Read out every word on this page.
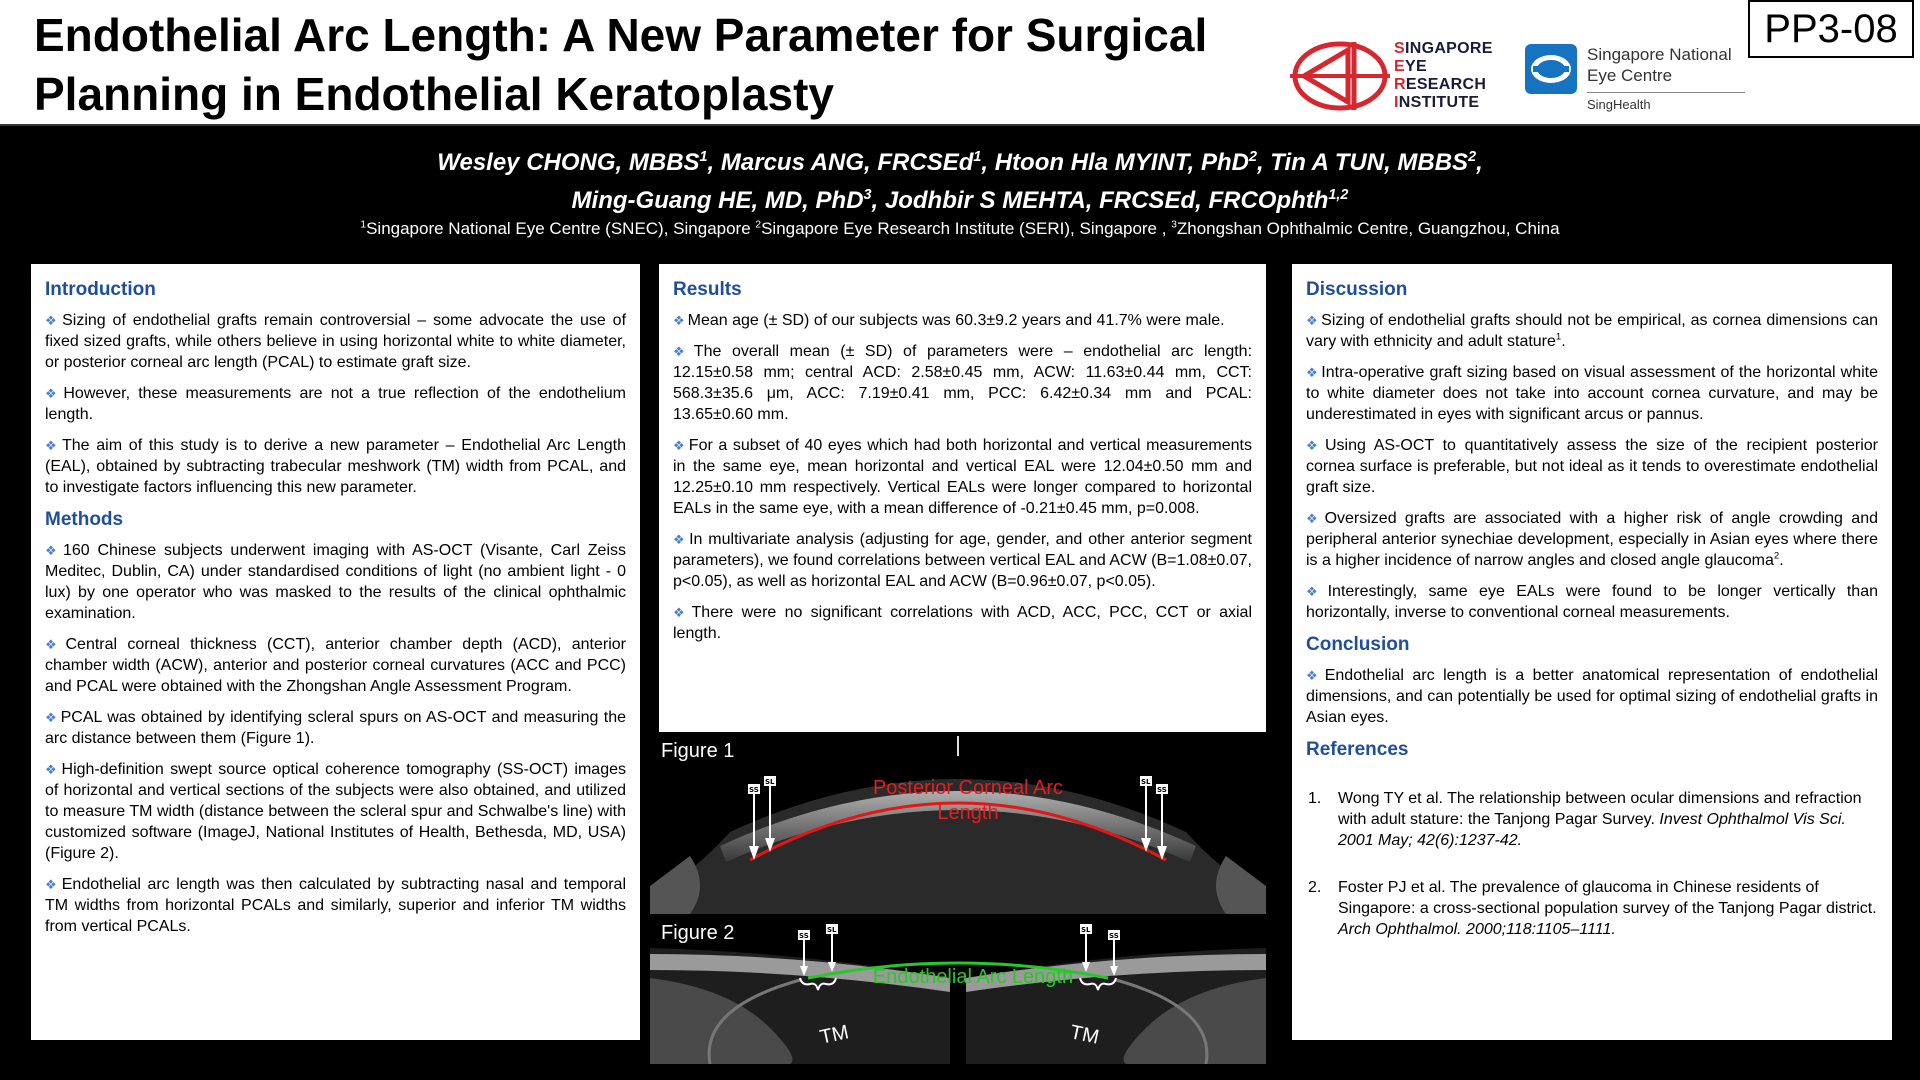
Endothelial Arc Length: A New Parameter for Surgical Planning in Endothelial Keratoplasty
SINGAPORE
EYE
RESEARCH
INSTITUTE
Singapore National Eye Centre
SingHealth
PP3-08
Wesley CHONG, MBBS$^1$, Marcus ANG, FRCSEd$^1$, Htoon Hla MYINT, PhD$^2$, Tin A TUN, MBBS$^2$,
Ming-Guang HE, MD, PhD$^3$, Jodhbir S MEHTA, FRCSEd, FRCOphth$^{1,2}$
$^1$Singapore National Eye Centre (SNEC), Singapore $^2$Singapore Eye Research Institute (SERI), Singapore , $^3$Zhongshan Ophthalmic Centre, Guangzhou, China
Introduction

❖ Sizing of endothelial grafts remain controversial – some advocate the use of fixed sized grafts, while others believe in using horizontal white to white diameter, or posterior corneal arc length (PCAL) to estimate graft size.

❖ However, these measurements are not a true reflection of the endothelium length.

❖ The aim of this study is to derive a new parameter – Endothelial Arc Length (EAL), obtained by subtracting trabecular meshwork (TM) width from PCAL, and to investigate factors influencing this new parameter.

Methods

❖ 160 Chinese subjects underwent imaging with AS-OCT (Visante, Carl Zeiss Meditec, Dublin, CA) under standardised conditions of light (no ambient light - 0 lux) by one operator who was masked to the results of the clinical ophthalmic examination.

❖ Central corneal thickness (CCT), anterior chamber depth (ACD), anterior chamber width (ACW), anterior and posterior corneal curvatures (ACC and PCC) and PCAL were obtained with the Zhongshan Angle Assessment Program.

❖ PCAL was obtained by identifying scleral spurs on AS-OCT and measuring the arc distance between them (Figure 1).

❖ High-definition swept source optical coherence tomography (SS-OCT) images of horizontal and vertical sections of the subjects were also obtained, and utilized to measure TM width (distance between the scleral spur and Schwalbe's line) with customized software (ImageJ, National Institutes of Health, Bethesda, MD, USA) (Figure 2).

❖ Endothelial arc length was then calculated by subtracting nasal and temporal TM widths from horizontal PCALs and similarly, superior and inferior TM widths from vertical PCALs.

Results

❖ Mean age (± SD) of our subjects was 60.3±9.2 years and 41.7% were male.

❖ The overall mean (± SD) of parameters were – endothelial arc length: 12.15±0.58 mm; central ACD: 2.58±0.45 mm, ACW: 11.63±0.44 mm, CCT: 568.3±35.6 μm, ACC: 7.19±0.41 mm, PCC: 6.42±0.34 mm and PCAL: 13.65±0.60 mm.

❖ For a subset of 40 eyes which had both horizontal and vertical measurements in the same eye, mean horizontal and vertical EAL were 12.04±0.50 mm and 12.25±0.10 mm respectively. Vertical EALs were longer compared to horizontal EALs in the same eye, with a mean difference of -0.21±0.45 mm, p=0.008.

❖ In multivariate analysis (adjusting for age, gender, and other anterior segment parameters), we found correlations between vertical EAL and ACW (B=1.08±0.07, p<0.05), as well as horizontal EAL and ACW (B=0.96±0.07, p<0.05).

❖ There were no significant correlations with ACD, ACC, PCC, CCT or axial length.

SS
SL	SL
SS
Figure 1
Posterior Corneal Arc
Length
SS
SL	SL
SS
Figure 2
Endothelial Arc Length
TM	TM
Discussion

❖ Sizing of endothelial grafts should not be empirical, as cornea dimensions can vary with ethnicity and adult stature$^1$.

❖ Intra-operative graft sizing based on visual assessment of the horizontal white to white diameter does not take into account cornea curvature, and may be underestimated in eyes with significant arcus or pannus.

❖ Using AS-OCT to quantitatively assess the size of the recipient posterior cornea surface is preferable, but not ideal as it tends to overestimate endothelial graft size.

❖ Oversized grafts are associated with a higher risk of angle crowding and peripheral anterior synechiae development, especially in Asian eyes where there is a higher incidence of narrow angles and closed angle glaucoma$^2$.

❖ Interestingly, same eye EALs were found to be longer vertically than horizontally, inverse to conventional corneal measurements.

Conclusion

❖ Endothelial arc length is a better anatomical representation of endothelial dimensions, and can potentially be used for optimal sizing of endothelial grafts in Asian eyes.

References
1. Wong TY et al. The relationship between ocular dimensions and refraction with adult stature: the Tanjong Pagar Survey. Invest Ophthalmol Vis Sci. 2001 May; 42(6):1237-42.
2. Foster PJ et al. The prevalence of glaucoma in Chinese residents of Singapore: a cross-sectional population survey of the Tanjong Pagar district. Arch Ophthalmol. 2000;118:1105–1111.
